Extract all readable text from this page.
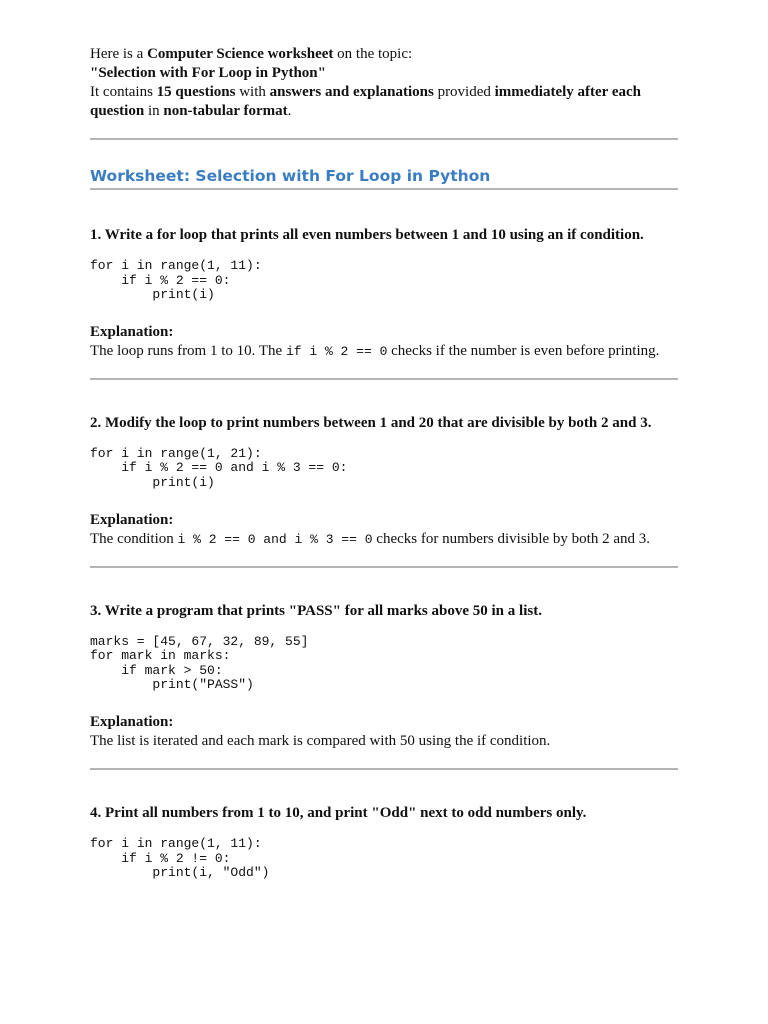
Here is a Computer Science worksheet on the topic:

"Selection with For Loop in Python"

It contains 15 questions with answers and explanations provided immediately after each

question in non-tabular format.

Worksheet: Selection with For Loop in Python

1. Write a for loop that prints all even numbers between 1 and 10 using an if condition.

for i in range(1, 11):
if i % 2 == 0:
print(i)

Explanation:

The loop runs from 1 to 10. The if i % 2 == 0 checks if the number is even before printing.

2. Modify the loop to print numbers between 1 and 20 that are divisible by both 2 and 3.

for i in range(1, 21):
if i % 2 == 0 and i % 3 == 0:
print(i)

Explanation:

The condition i % 2 == 0 and i % 3 == 0 checks for numbers divisible by both 2 and 3.

3. Write a program that prints "PASS" for all marks above 50 in a list.

marks = [45, 67, 32, 89, 55]
for mark in marks:
if mark > 50:
print("PASS")

Explanation:

The list is iterated and each mark is compared with 50 using the if condition.

4. Print all numbers from 1 to 10, and print "Odd" next to odd numbers only.

for i in range(1, 11):
if i % 2 != 0:
print(i, "Odd")
